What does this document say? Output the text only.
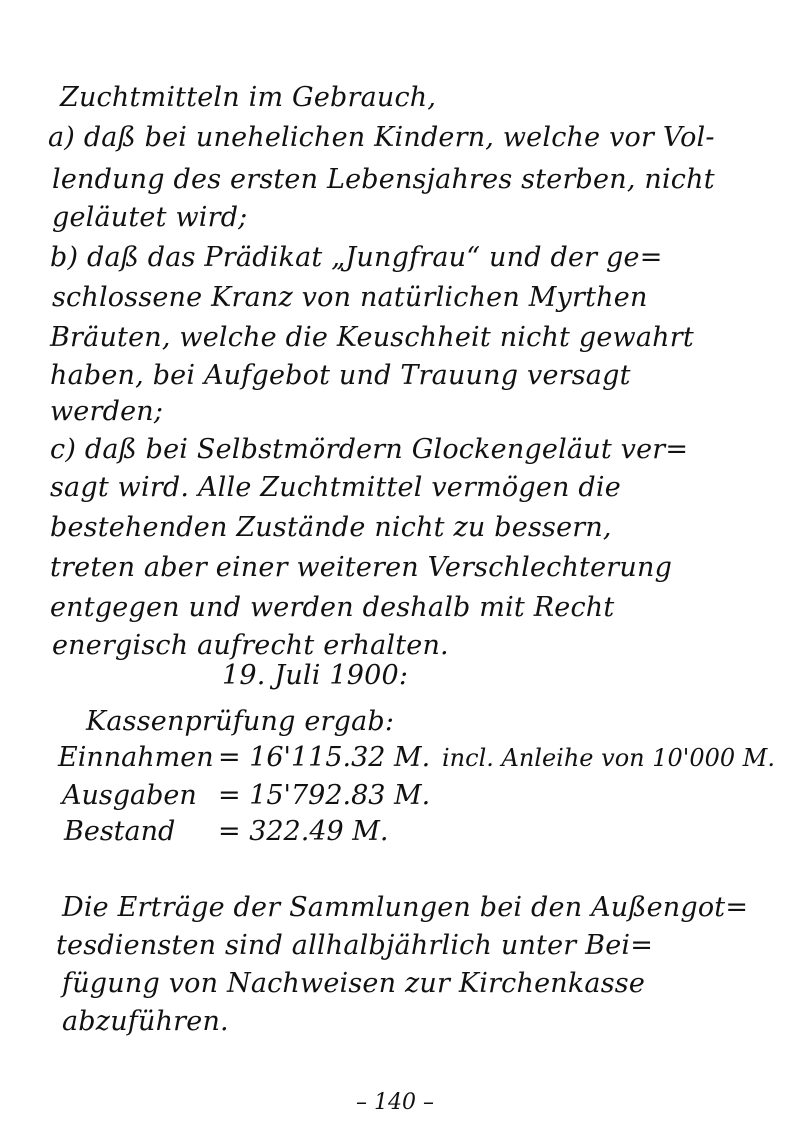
Zuchtmitteln im Gebrauch,
a) daß bei unehelichen Kindern, welche vor Vol-
lendung des ersten Lebensjahres sterben, nicht
geläutet wird;
b) daß das Prädikat „Jungfrau“ und der ge=
schlossene Kranz von natürlichen Myrthen
Bräuten, welche die Keuschheit nicht gewahrt
haben, bei Aufgebot und Trauung versagt
werden;
c) daß bei Selbstmördern Glockengeläut ver=
sagt wird. Alle Zuchtmittel vermögen die
bestehenden Zustände nicht zu bessern,
treten aber einer weiteren Verschlechterung
entgegen und werden deshalb mit Recht
energisch aufrecht erhalten.
19. Juli 1900:
Kassenprüfung ergab:
Einnahmen = 16'115.32 M. incl. Anleihe von 10'000 M.
Ausgaben = 15'792.83 M.
Bestand = 322.49 M.
Die Erträge der Sammlungen bei den Außengot=
tesdiensten sind allhalbjährlich unter Bei=
fügung von Nachweisen zur Kirchenkasse
abzuführen.
– 140 –
